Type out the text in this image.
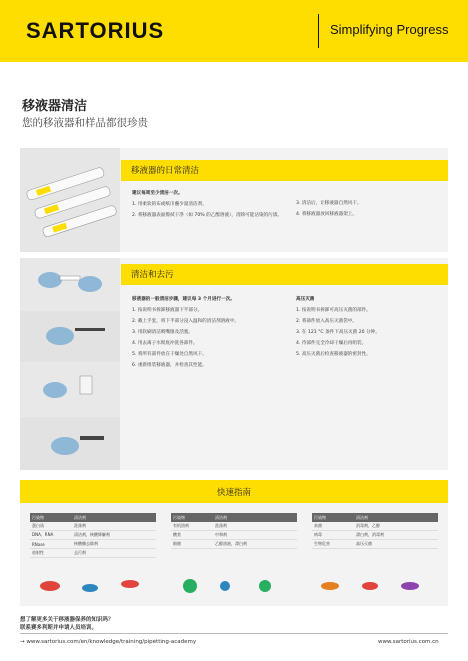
SARTORIUS	Simplifying Progress
移液器清洁
您的移液器和样品都很珍贵
移液器的日常清洁
建议每周至少清洁一次。
1. 用柔软的布或纸巾蘸少量清洁剂。
2. 将移液器表面擦拭干净（如 70% 的乙醇溶液），清除可能沾染的污渍。
3. 清洁后，让移液器自然风干。
4. 将移液器放回移液器架上。
清洁和去污
移液器的一般清洁步骤，建议每 3 个月进行一次。
1. 按说明书拆卸移液器下半部分。
2. 戴上手套，将下半部分浸入温和的清洁剂溶液中。
3. 用软刷清洁吸嘴锥及活塞。
4. 用去离子水彻底冲洗各部件。
5. 将所有部件放在干燥处自然风干。
6. 重新组装移液器，并检查其性能。
高压灭菌
1. 按说明书拆卸可高压灭菌的部件。
2. 将部件放入高压灭菌袋中。
3. 在 121 °C 条件下高压灭菌 20 分钟。
4. 待部件完全冷却干燥后再组装。
5. 高压灭菌后检查移液器的密封性。
快速指南
污染物	清洁剂
蛋白质	洗涤剂
DNA、RNA	清洁剂，核酸降解剂
RNase	核酸酶去除剂
放射性	去污剂
污染物	清洁剂
有机溶剂	洗涤剂
酸类	中和剂
细菌	乙醇溶液，漂白剂
污染物	清洁剂
真菌	消毒剂，乙醇
病毒	漂白剂，消毒剂
生物危害	高压灭菌
想了解更多关于移液器保养的知识吗？
联系赛多利斯并申请人员培训。
→ www.sartorius.com/en/knowledge/training/pipetting-academy	www.sartorius.com.cn
